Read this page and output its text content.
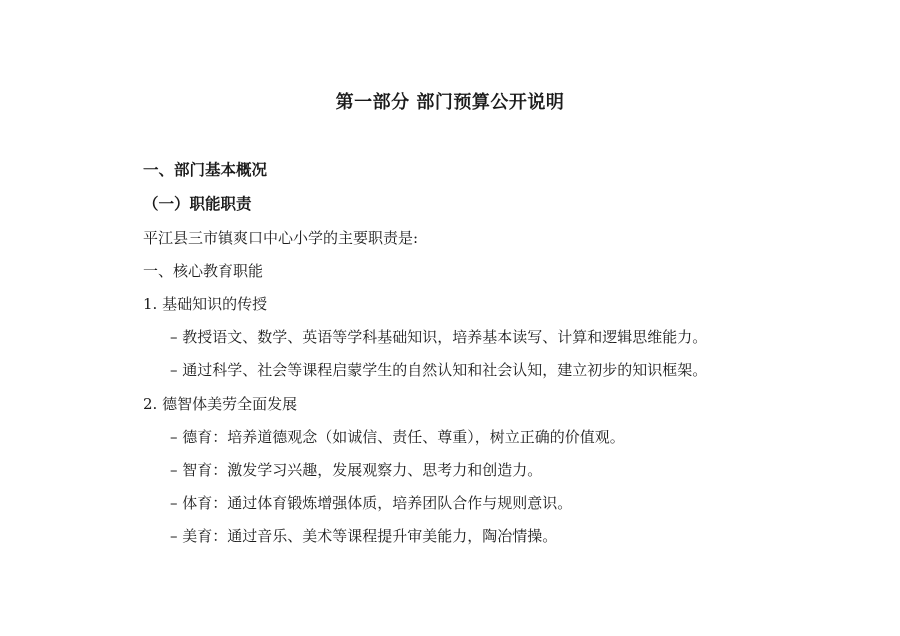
第一部分 部门预算公开说明
一、部门基本概况
（一）职能职责
平江县三市镇爽口中心小学的主要职责是:
一、核心教育职能
1. 基础知识的传授
– 教授语文、数学、英语等学科基础知识，培养基本读写、计算和逻辑思维能力。
– 通过科学、社会等课程启蒙学生的自然认知和社会认知，建立初步的知识框架。
2. 德智体美劳全面发展
– 德育：培养道德观念（如诚信、责任、尊重），树立正确的价值观。
– 智育：激发学习兴趣，发展观察力、思考力和创造力。
– 体育：通过体育锻炼增强体质，培养团队合作与规则意识。
– 美育：通过音乐、美术等课程提升审美能力，陶冶情操。
